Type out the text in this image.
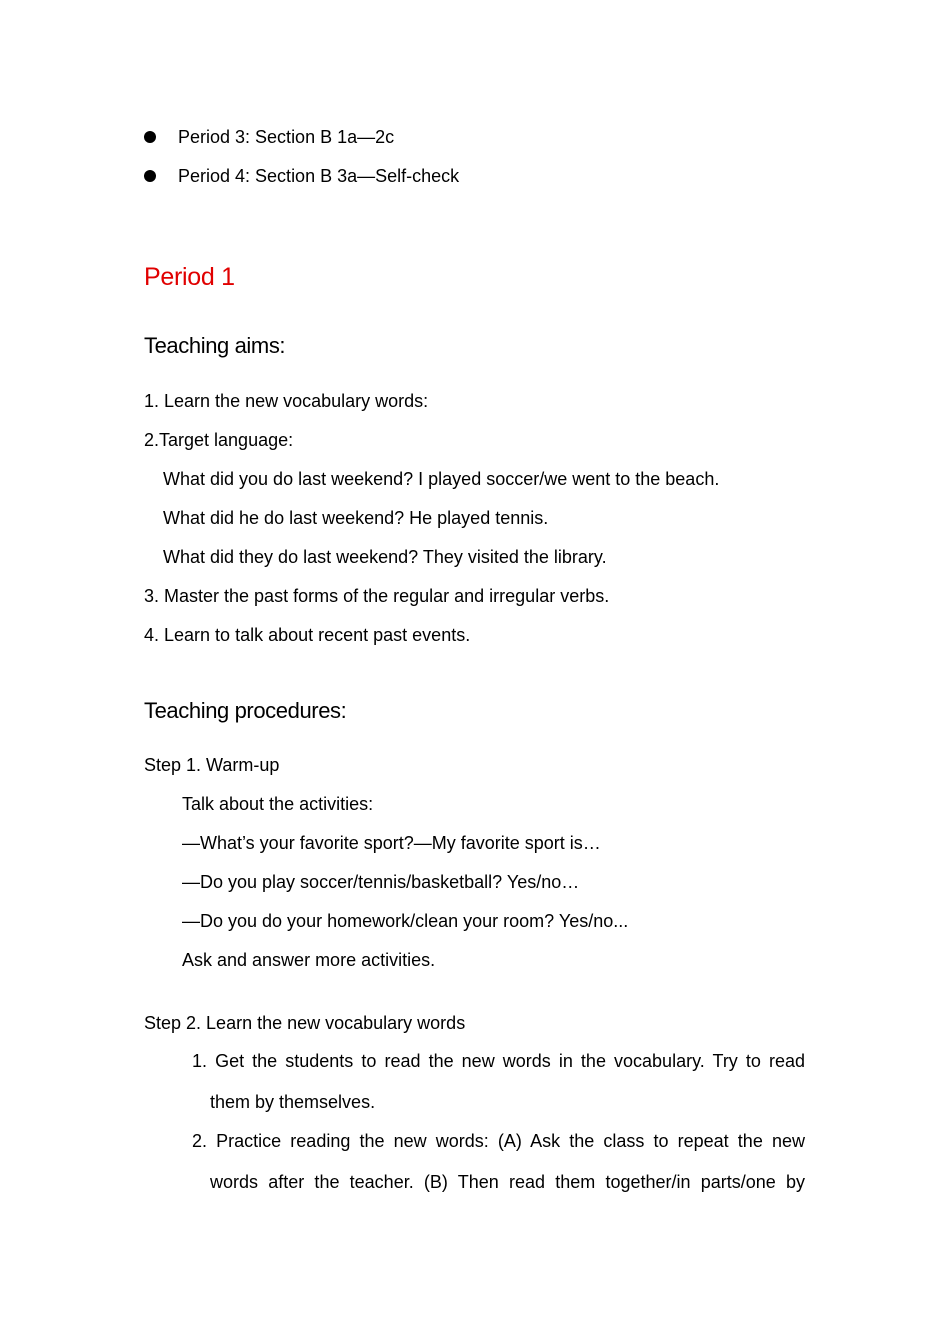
Period 3: Section B 1a—2c
Period 4: Section B 3a—Self-check
Period 1
Teaching aims:
1. Learn the new vocabulary words:
2.Target language:
What did you do last weekend? I played soccer/we went to the beach.
What did he do last weekend? He played tennis.
What did they do last weekend? They visited the library.
3. Master the past forms of the regular and irregular verbs.
4. Learn to talk about recent past events.
Teaching procedures:
Step 1. Warm-up
Talk about the activities:
—What’s your favorite sport?—My favorite sport is…
—Do you play soccer/tennis/basketball? Yes/no…
—Do you do your homework/clean your room? Yes/no...
Ask and answer more activities.
Step 2. Learn the new vocabulary words
1. Get the students to read the new words in the vocabulary. Try to read
them by themselves.
2. Practice reading the new words: (A) Ask the class to repeat the new
words after the teacher. (B) Then read them together/in parts/one by
